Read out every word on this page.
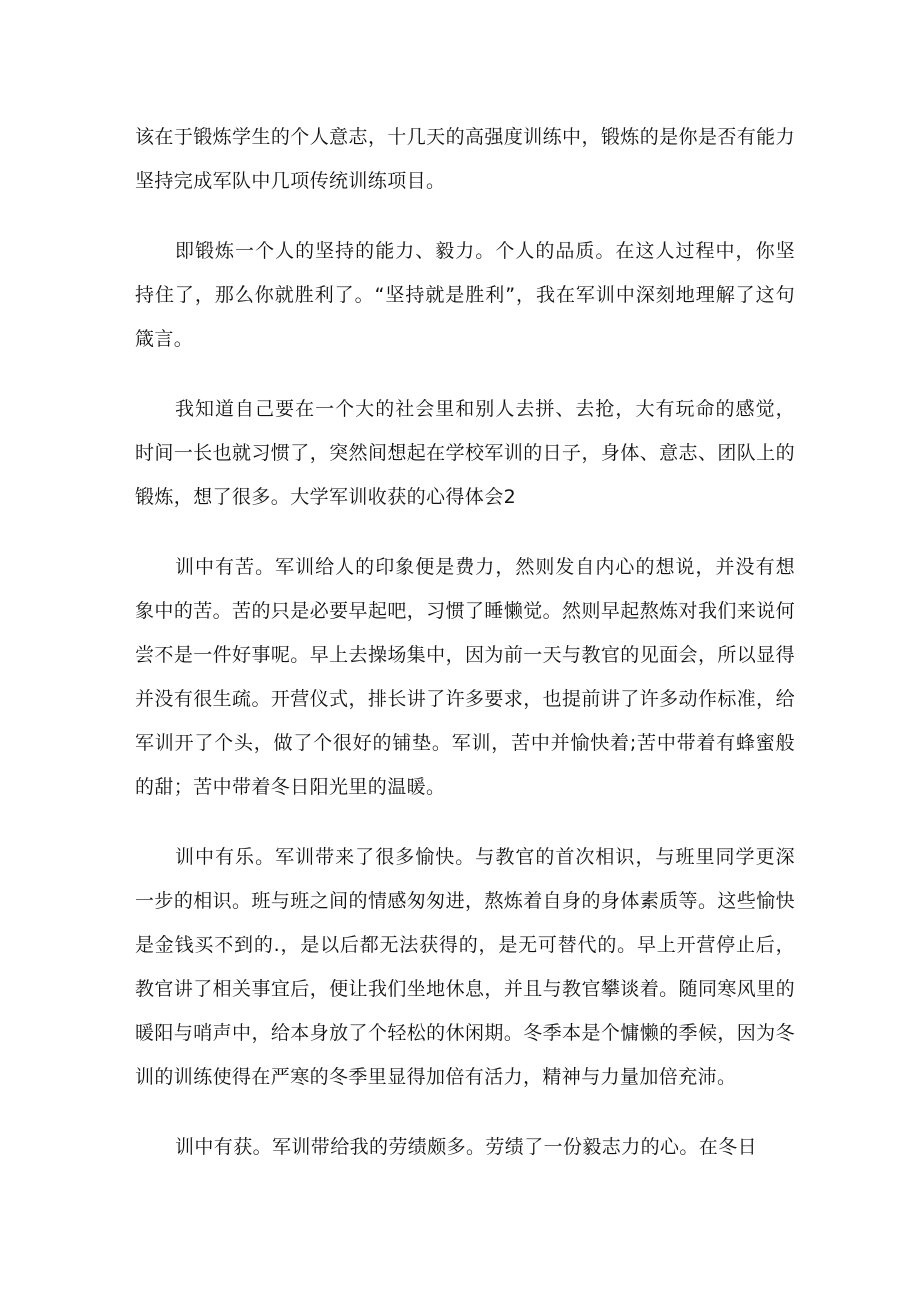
该在于锻炼学生的个人意志，十几天的高强度训练中，锻炼的是你是否有能力坚持完成军队中几项传统训练项目。

即锻炼一个人的坚持的能力、毅力。个人的品质。在这人过程中，你坚持住了，那么你就胜利了。“坚持就是胜利”，我在军训中深刻地理解了这句箴言。

我知道自己要在一个大的社会里和别人去拼、去抢，大有玩命的感觉，时间一长也就习惯了，突然间想起在学校军训的日子，身体、意志、团队上的锻炼，想了很多。大学军训收获的心得体会2

训中有苦。军训给人的印象便是费力，然则发自内心的想说，并没有想象中的苦。苦的只是必要早起吧，习惯了睡懒觉。然则早起熬炼对我们来说何尝不是一件好事呢。早上去操场集中，因为前一天与教官的见面会，所以显得并没有很生疏。开营仪式，排长讲了许多要求，也提前讲了许多动作标准，给军训开了个头，做了个很好的铺垫。军训，苦中并愉快着;苦中带着有蜂蜜般的甜；苦中带着冬日阳光里的温暖。

训中有乐。军训带来了很多愉快。与教官的首次相识，与班里同学更深一步的相识。班与班之间的情感匆匆进，熬炼着自身的身体素质等。这些愉快是金钱买不到的.，是以后都无法获得的，是无可替代的。早上开营停止后，教官讲了相关事宜后，便让我们坐地休息，并且与教官攀谈着。随同寒风里的暖阳与哨声中，给本身放了个轻松的休闲期。冬季本是个慵懒的季候，因为冬训的训练使得在严寒的冬季里显得加倍有活力，精神与力量加倍充沛。

训中有获。军训带给我的劳绩颇多。劳绩了一份毅志力的心。在冬日
